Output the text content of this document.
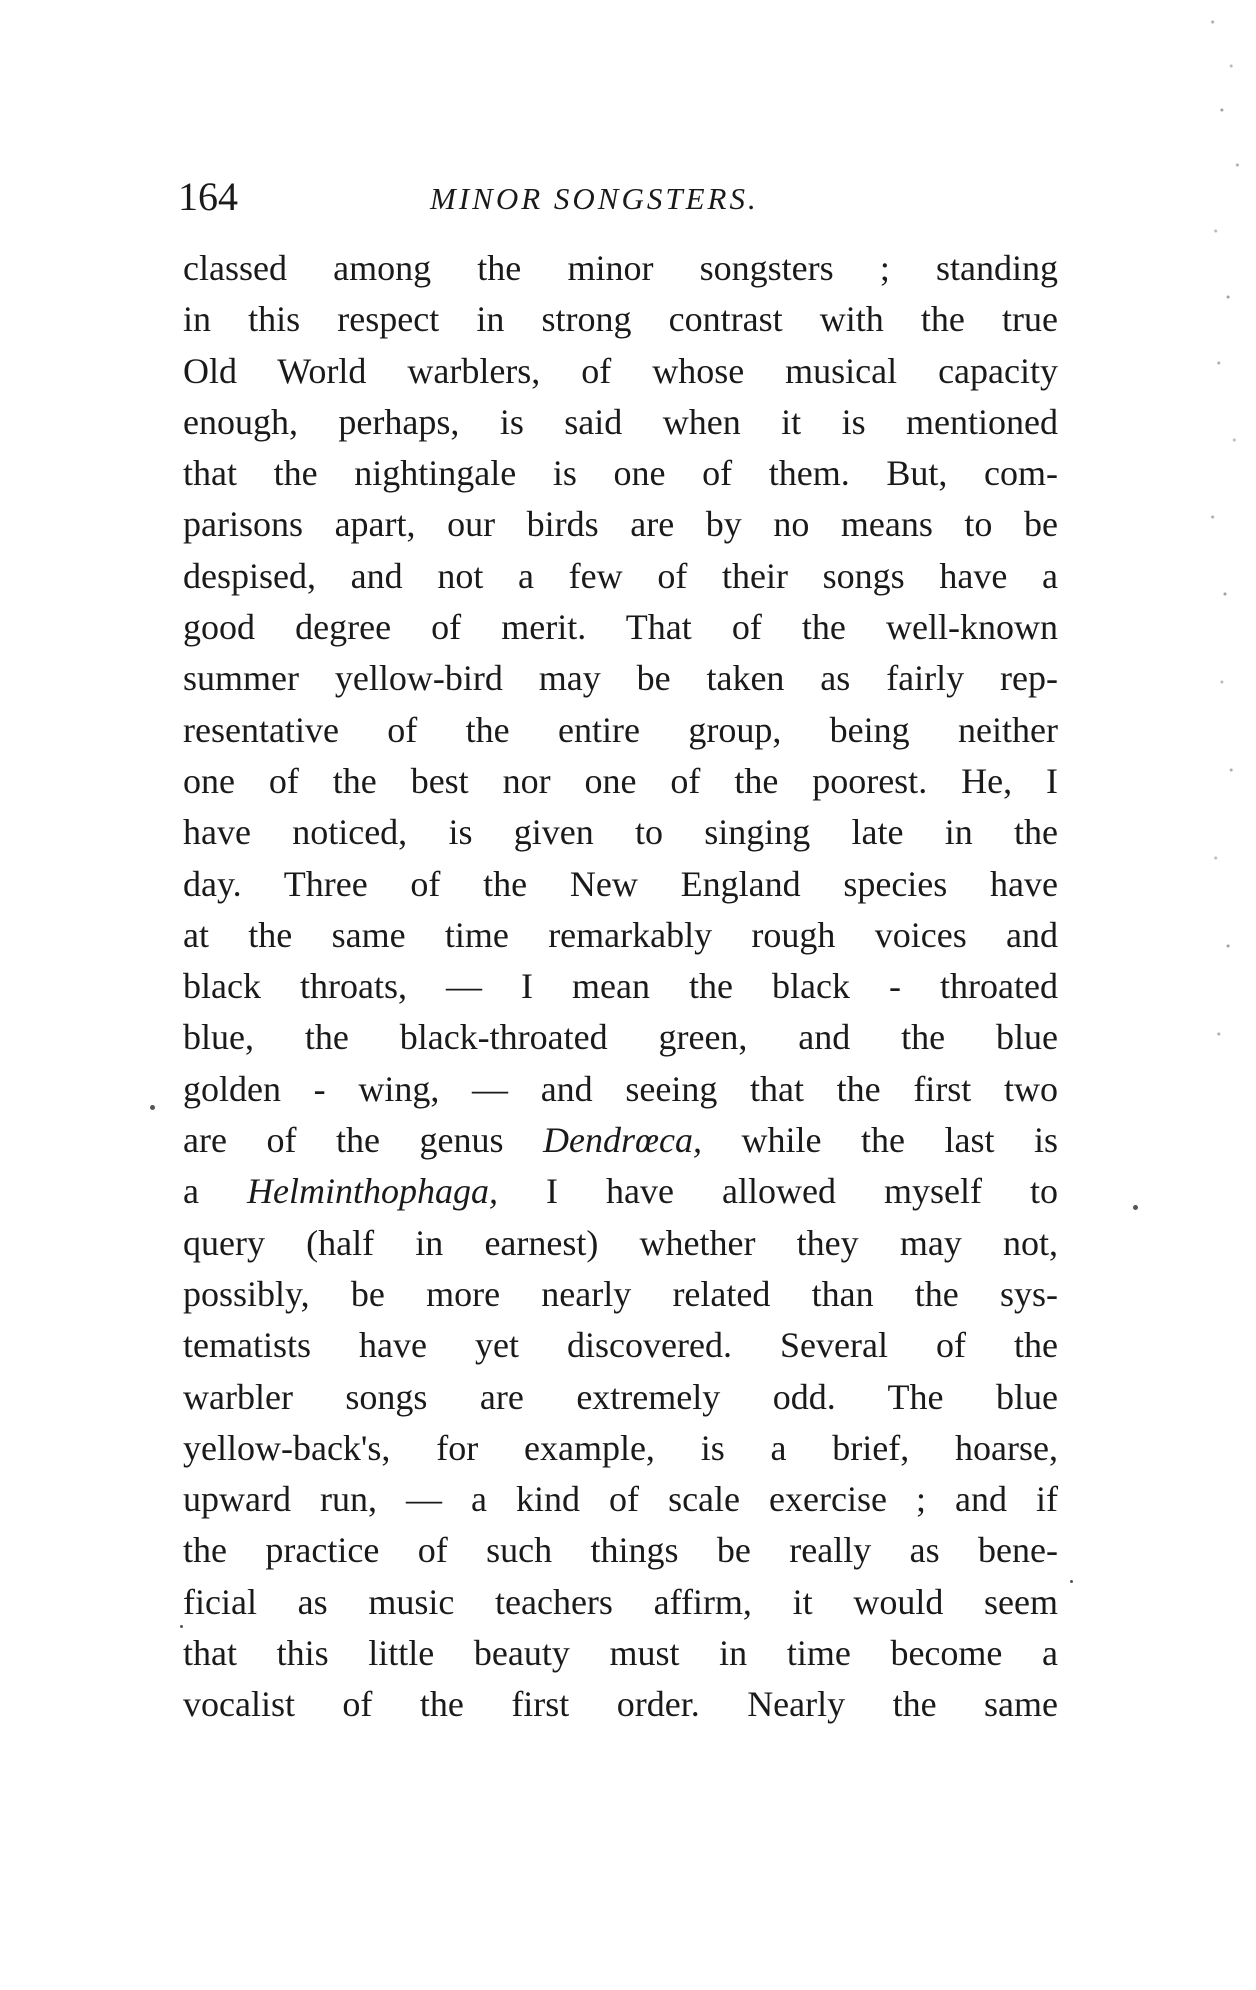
164	MINOR SONGSTERS.
classed among the minor songsters ; standing
in this respect in strong contrast with the true
Old World warblers, of whose musical capacity
enough, perhaps, is said when it is mentioned
that the nightingale is one of them. But, com-
parisons apart, our birds are by no means to be
despised, and not a few of their songs have a
good degree of merit. That of the well-known
summer yellow-bird may be taken as fairly rep-
resentative of the entire group, being neither
one of the best nor one of the poorest. He, I
have noticed, is given to singing late in the
day. Three of the New England species have
at the same time remarkably rough voices and
black throats, — I mean the black - throated
blue, the black-throated green, and the blue
golden - wing, — and seeing that the first two
are of the genus Dendrœca, while the last is
a Helminthophaga, I have allowed myself to
query (half in earnest) whether they may not,
possibly, be more nearly related than the sys-
tematists have yet discovered. Several of the
warbler songs are extremely odd. The blue
yellow-back's, for example, is a brief, hoarse,
upward run, — a kind of scale exercise ; and if
the practice of such things be really as bene-
ficial as music teachers affirm, it would seem
that this little beauty must in time become a
vocalist of the first order. Nearly the same
